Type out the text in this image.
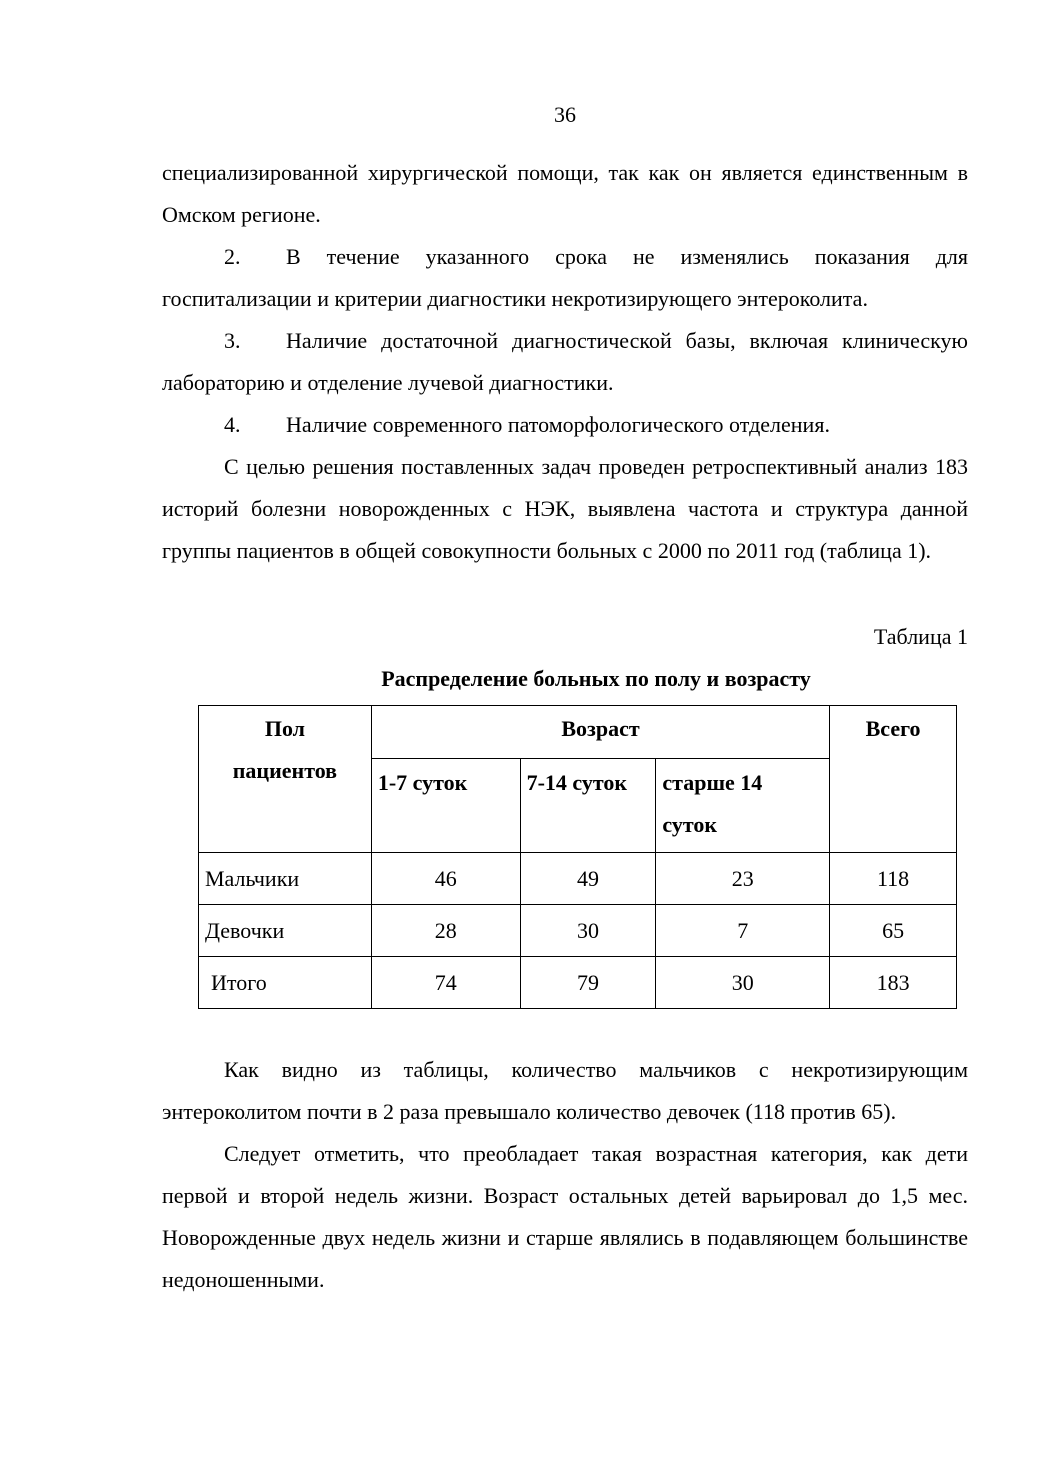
36

специализированной хирургической помощи, так как он является единственным в Омском регионе.

2. В течение указанного срока не изменялись показания для госпитализации и критерии диагностики некротизирующего энтероколита.

3. Наличие достаточной диагностической базы, включая клиническую лабораторию и отделение лучевой диагностики.

4. Наличие современного патоморфологического отделения.

С целью решения поставленных задач проведен ретроспективный анализ 183 историй болезни новорожденных с НЭК, выявлена частота и структура данной группы пациентов в общей совокупности больных с 2000 по 2011 год (таблица 1).

Таблица 1
Распределение больных по полу и возрасту
Пол
пациентов	Возраст			Всего
	1-7 суток	7-14 суток	старше 14
суток	

Мальчики	46	49	23	118
Девочки	28	30	7	65
Итого	74	79	30	183

Как видно из таблицы, количество мальчиков с некротизирующим энтероколитом почти в 2 раза превышало количество девочек (118 против 65).

Следует отметить, что преобладает такая возрастная категория, как дети первой и второй недель жизни. Возраст остальных детей варьировал до 1,5 мес. Новорожденные двух недель жизни и старше являлись в подавляющем большинстве недоношенными.
